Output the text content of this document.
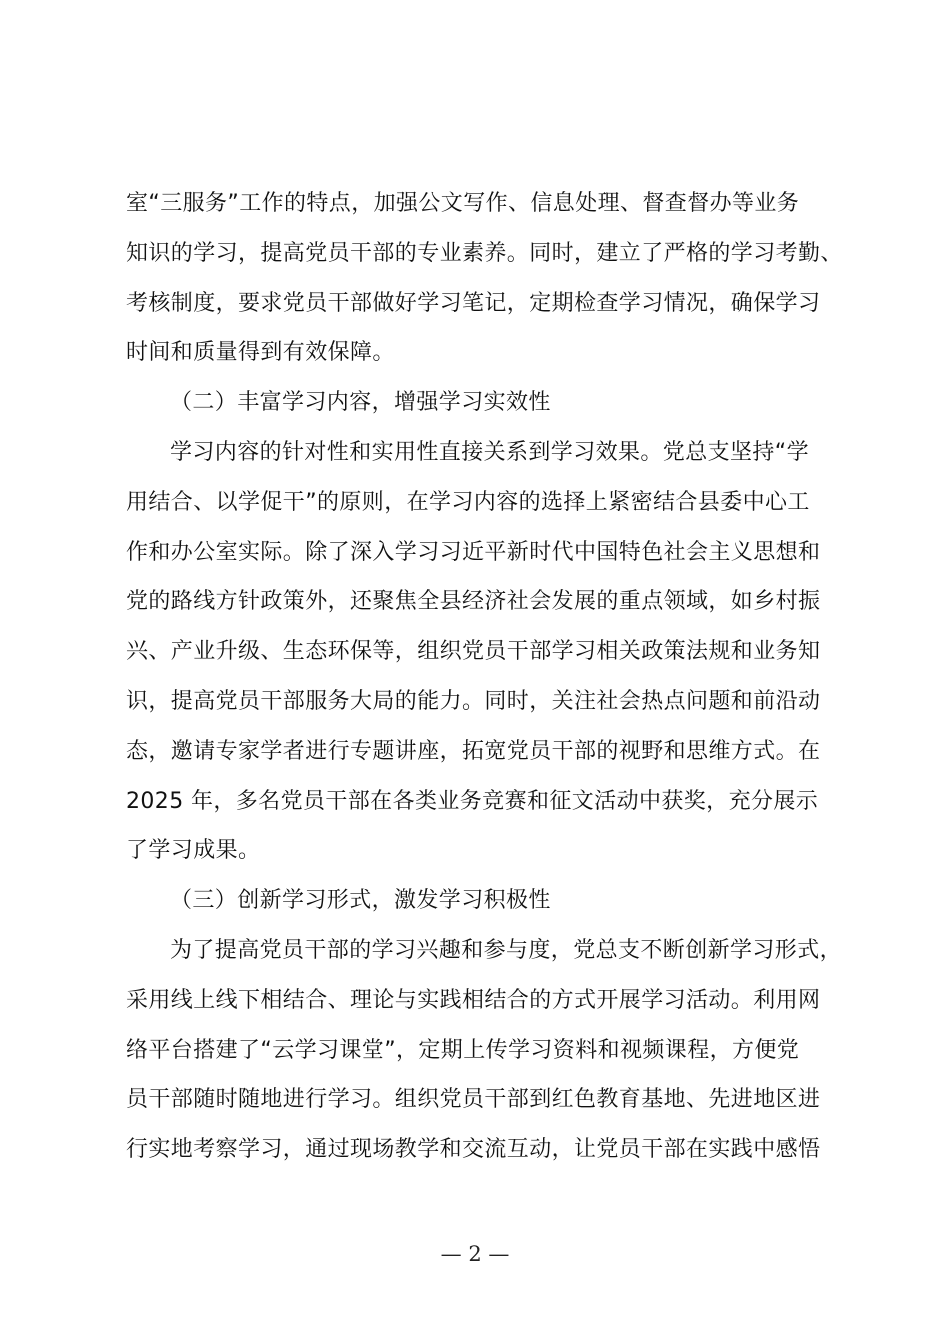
室“三服务”工作的特点，加强公文写作、信息处理、督查督办等业务
知识的学习，提高党员干部的专业素养。同时，建立了严格的学习考勤、
考核制度，要求党员干部做好学习笔记，定期检查学习情况，确保学习
时间和质量得到有效保障。
（二）丰富学习内容，增强学习实效性
学习内容的针对性和实用性直接关系到学习效果。党总支坚持“学
用结合、以学促干”的原则，在学习内容的选择上紧密结合县委中心工
作和办公室实际。除了深入学习习近平新时代中国特色社会主义思想和
党的路线方针政策外，还聚焦全县经济社会发展的重点领域，如乡村振
兴、产业升级、生态环保等，组织党员干部学习相关政策法规和业务知
识，提高党员干部服务大局的能力。同时，关注社会热点问题和前沿动
态，邀请专家学者进行专题讲座，拓宽党员干部的视野和思维方式。在
2025 年，多名党员干部在各类业务竞赛和征文活动中获奖，充分展示
了学习成果。
（三）创新学习形式，激发学习积极性
为了提高党员干部的学习兴趣和参与度，党总支不断创新学习形式，
采用线上线下相结合、理论与实践相结合的方式开展学习活动。利用网
络平台搭建了“云学习课堂”，定期上传学习资料和视频课程，方便党
员干部随时随地进行学习。组织党员干部到红色教育基地、先进地区进
行实地考察学习，通过现场教学和交流互动，让党员干部在实践中感悟
— 2 —
